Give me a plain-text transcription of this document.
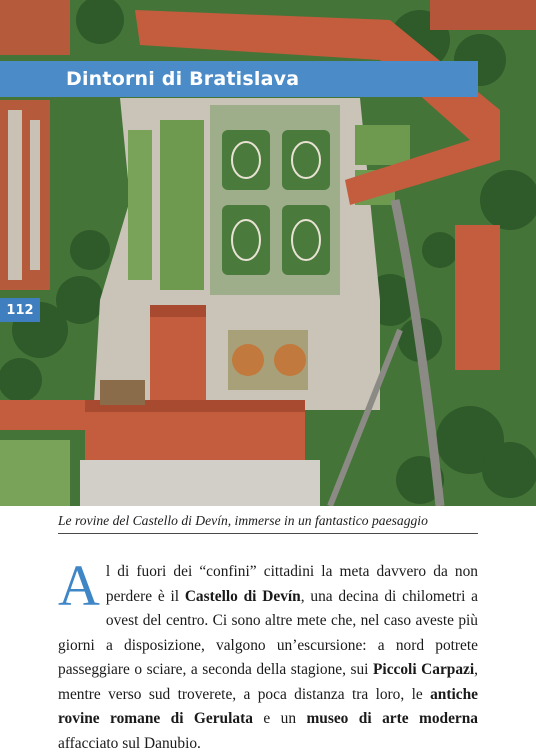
Dintorni di Bratislava
112
Le rovine del Castello di Devín, immerse in un fantastico paesaggio
A l di fuori dei “confini” cittadini la meta davvero da non perdere è il Castello di Devín, una decina di chilometri a ovest del centro. Ci sono altre mete che, nel caso aveste più giorni a disposizione, valgono un’escursione: a nord potrete passeggiare o sciare, a seconda della stagione, sui Piccoli Carpazi, mentre verso sud troverete, a poca distanza tra loro, le antiche rovine romane di Gerulata e un museo di arte moderna affacciato sul Danubio.
